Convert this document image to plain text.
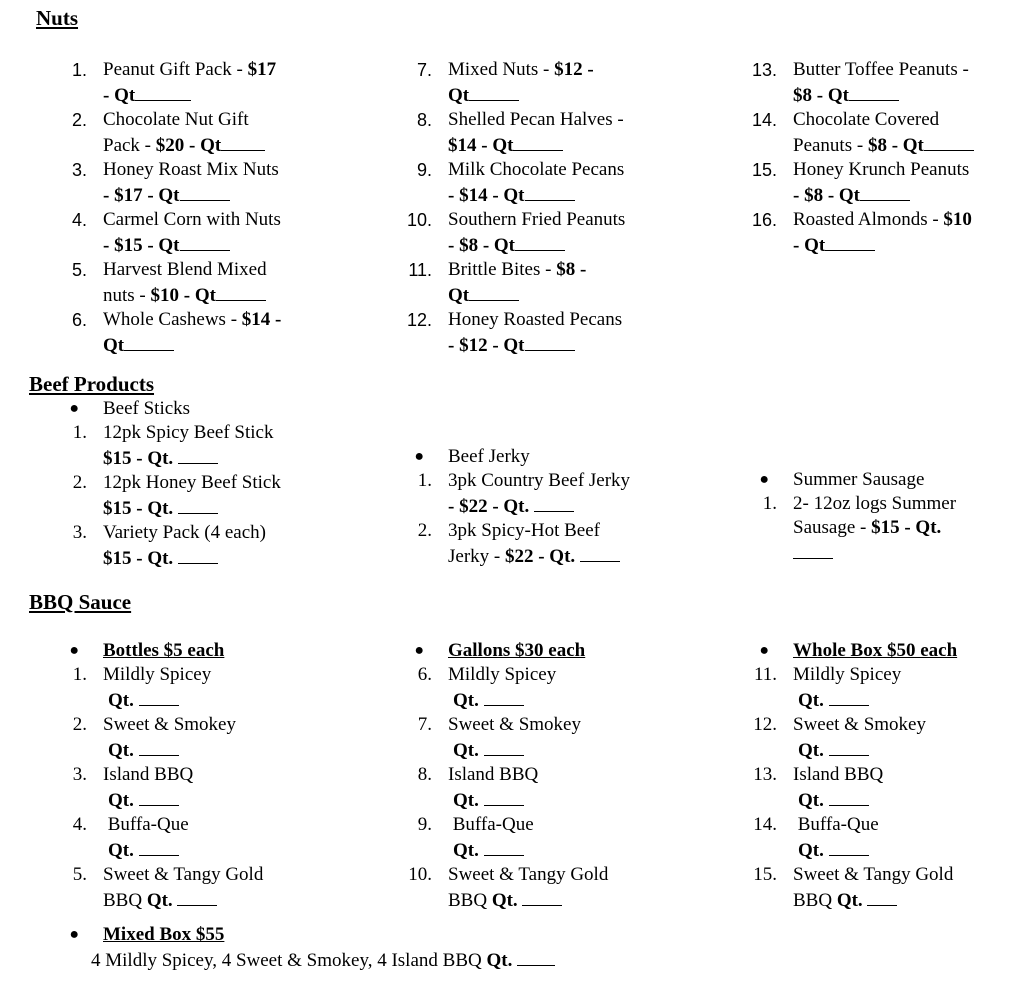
Nuts
1. Peanut Gift Pack - $17
- Qt
2. Chocolate Nut Gift
Pack - $20 - Qt
3. Honey Roast Mix Nuts
- $17 - Qt
4. Carmel Corn with Nuts
- $15 - Qt
5. Harvest Blend Mixed
nuts - $10 - Qt
6. Whole Cashews - $14 -
Qt
7. Mixed Nuts - $12 -
Qt
8. Shelled Pecan Halves -
$14 - Qt
9. Milk Chocolate Pecans
- $14 - Qt
10. Southern Fried Peanuts
- $8 - Qt
11. Brittle Bites - $8 -
Qt
12. Honey Roasted Pecans
- $12 - Qt
13. Butter Toffee Peanuts -
$8 - Qt
14. Chocolate Covered
Peanuts - $8 - Qt
15. Honey Krunch Peanuts
- $8 - Qt
16. Roasted Almonds - $10
- Qt
Beef Products
● Beef Sticks
1. 12pk Spicy Beef Stick
$15 - Qt.
2. 12pk Honey Beef Stick
$15 - Qt.
3. Variety Pack (4 each)
$15 - Qt.
● Beef Jerky
1. 3pk Country Beef Jerky
- $22 - Qt.
2. 3pk Spicy-Hot Beef
Jerky - $22 - Qt.
● Summer Sausage
1. 2- 12oz logs Summer
Sausage - $15 - Qt.
BBQ Sauce
● Bottles $5 each
1. Mildly Spicey
Qt.
2. Sweet & Smokey
Qt.
3. Island BBQ
Qt.
4. Buffa-Que
Qt.
5. Sweet & Tangy Gold
BBQ Qt.
● Gallons $30 each
6. Mildly Spicey
Qt.
7. Sweet & Smokey
Qt.
8. Island BBQ
Qt.
9. Buffa-Que
Qt.
10. Sweet & Tangy Gold
BBQ Qt.
● Whole Box $50 each
11. Mildly Spicey
Qt.
12. Sweet & Smokey
Qt.
13. Island BBQ
Qt.
14. Buffa-Que
Qt.
15. Sweet & Tangy Gold
BBQ Qt.
● Mixed Box $55
4 Mildly Spicey, 4 Sweet & Smokey, 4 Island BBQ Qt.
